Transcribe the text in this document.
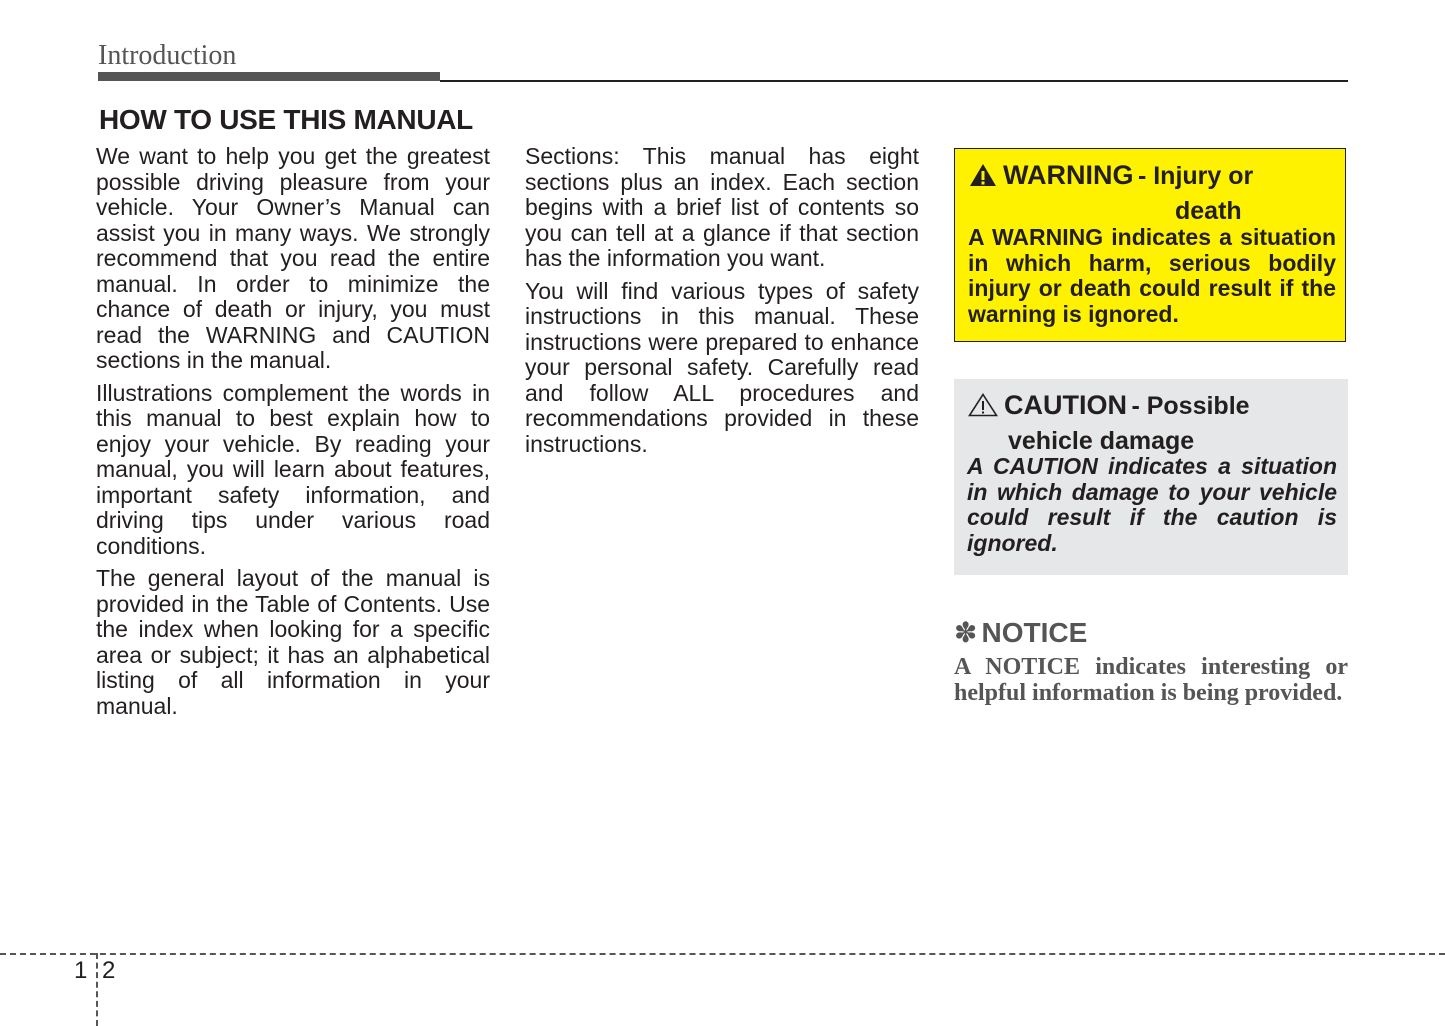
Introduction
HOW TO USE THIS MANUAL

We want to help you get the greatest possible driving pleasure from your vehicle. Your Owner’s Manual can assist you in many ways. We strongly recommend that you read the entire manual. In order to minimize the chance of death or injury, you must read the WARNING and CAUTION sections in the manual.

Illustrations complement the words in this manual to best explain how to enjoy your vehicle. By reading your manual, you will learn about features, important safety information, and driving tips under various road conditions.

The general layout of the manual is provided in the Table of Contents. Use the index when looking for a specific area or subject; it has an alphabetical listing of all information in your manual.

Sections: This manual has eight sections plus an index. Each section begins with a brief list of contents so you can tell at a glance if that section has the information you want.

You will find various types of safety instructions in this manual. These instructions were prepared to enhance your personal safety. Carefully read and follow ALL procedures and recommendations provided in these instructions.

WARNING - Injury or
death
A WARNING indicates a situation in which harm, serious bodily injury or death could result if the warning is ignored.
CAUTION - Possible
vehicle damage
A CAUTION indicates a situation in which damage to your vehicle could result if the caution is ignored.
✽ NOTICE
A NOTICE indicates interesting or helpful information is being provided.
1 2
